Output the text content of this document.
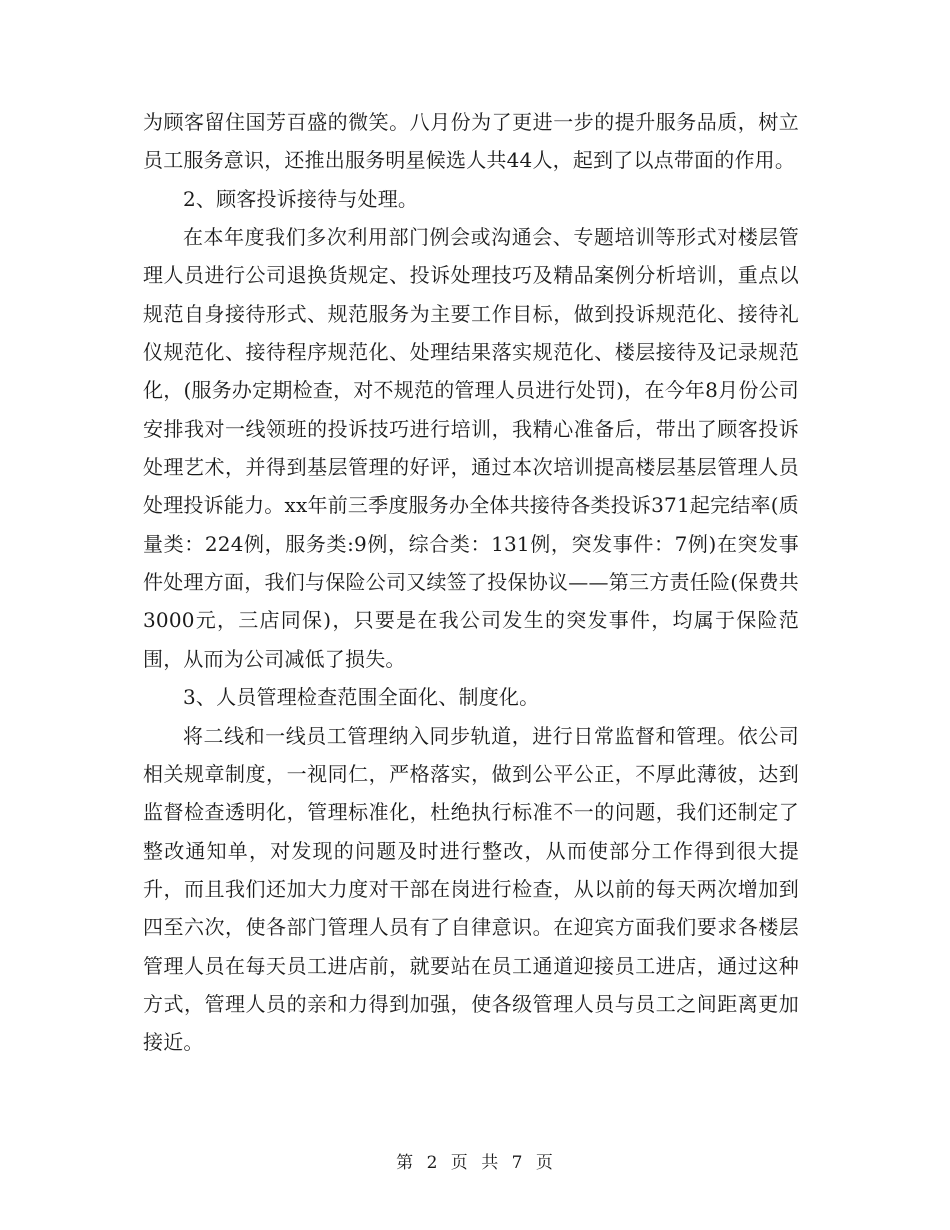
为顾客留住国芳百盛的微笑。八月份为了更进一步的提升服务品质，树立员工服务意识，还推出服务明星候选人共44人，起到了以点带面的作用。

2、顾客投诉接待与处理。

在本年度我们多次利用部门例会或沟通会、专题培训等形式对楼层管理人员进行公司退换货规定、投诉处理技巧及精品案例分析培训，重点以规范自身接待形式、规范服务为主要工作目标，做到投诉规范化、接待礼仪规范化、接待程序规范化、处理结果落实规范化、楼层接待及记录规范化，(服务办定期检查，对不规范的管理人员进行处罚)，在今年8月份公司安排我对一线领班的投诉技巧进行培训，我精心准备后，带出了顾客投诉处理艺术，并得到基层管理的好评，通过本次培训提高楼层基层管理人员处理投诉能力。xx年前三季度服务办全体共接待各类投诉371起完结率(质量类：224例，服务类:9例，综合类：131例，突发事件：7例)在突发事件处理方面，我们与保险公司又续签了投保协议——第三方责任险(保费共3000元，三店同保)，只要是在我公司发生的突发事件，均属于保险范围，从而为公司减低了损失。

3、人员管理检查范围全面化、制度化。

将二线和一线员工管理纳入同步轨道，进行日常监督和管理。依公司相关规章制度，一视同仁，严格落实，做到公平公正，不厚此薄彼，达到监督检查透明化，管理标准化，杜绝执行标准不一的问题，我们还制定了整改通知单，对发现的问题及时进行整改，从而使部分工作得到很大提升，而且我们还加大力度对干部在岗进行检查，从以前的每天两次增加到四至六次，使各部门管理人员有了自律意识。在迎宾方面我们要求各楼层管理人员在每天员工进店前，就要站在员工通道迎接员工进店，通过这种方式，管理人员的亲和力得到加强，使各级管理人员与员工之间距离更加接近。

第 2 页 共 7 页
